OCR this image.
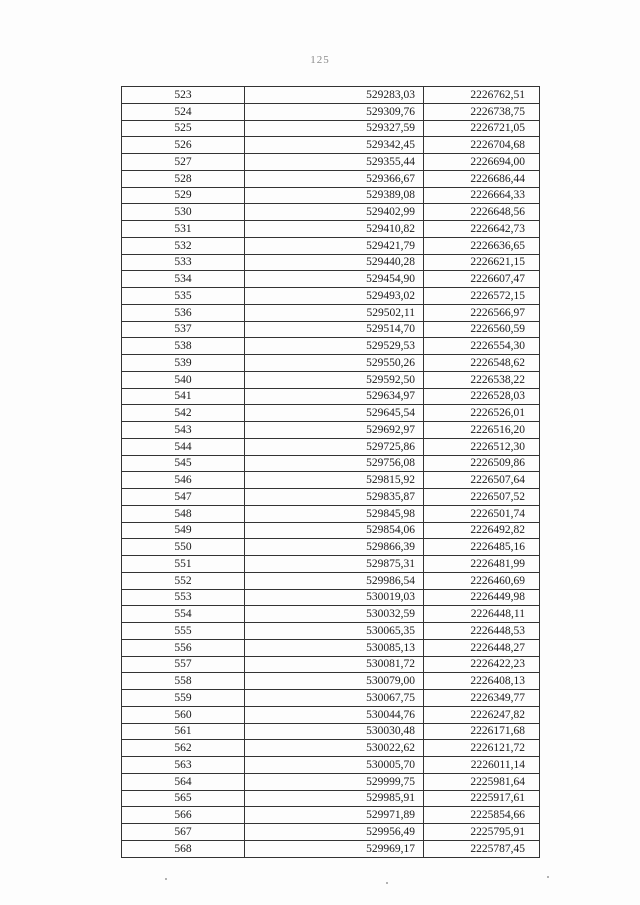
125
523	529283,03	2226762,51
524	529309,76	2226738,75
525	529327,59	2226721,05
526	529342,45	2226704,68
527	529355,44	2226694,00
528	529366,67	2226686,44
529	529389,08	2226664,33
530	529402,99	2226648,56
531	529410,82	2226642,73
532	529421,79	2226636,65
533	529440,28	2226621,15
534	529454,90	2226607,47
535	529493,02	2226572,15
536	529502,11	2226566,97
537	529514,70	2226560,59
538	529529,53	2226554,30
539	529550,26	2226548,62
540	529592,50	2226538,22
541	529634,97	2226528,03
542	529645,54	2226526,01
543	529692,97	2226516,20
544	529725,86	2226512,30
545	529756,08	2226509,86
546	529815,92	2226507,64
547	529835,87	2226507,52
548	529845,98	2226501,74
549	529854,06	2226492,82
550	529866,39	2226485,16
551	529875,31	2226481,99
552	529986,54	2226460,69
553	530019,03	2226449,98
554	530032,59	2226448,11
555	530065,35	2226448,53
556	530085,13	2226448,27
557	530081,72	2226422,23
558	530079,00	2226408,13
559	530067,75	2226349,77
560	530044,76	2226247,82
561	530030,48	2226171,68
562	530022,62	2226121,72
563	530005,70	2226011,14
564	529999,75	2225981,64
565	529985,91	2225917,61
566	529971,89	2225854,66
567	529956,49	2225795,91
568	529969,17	2225787,45
